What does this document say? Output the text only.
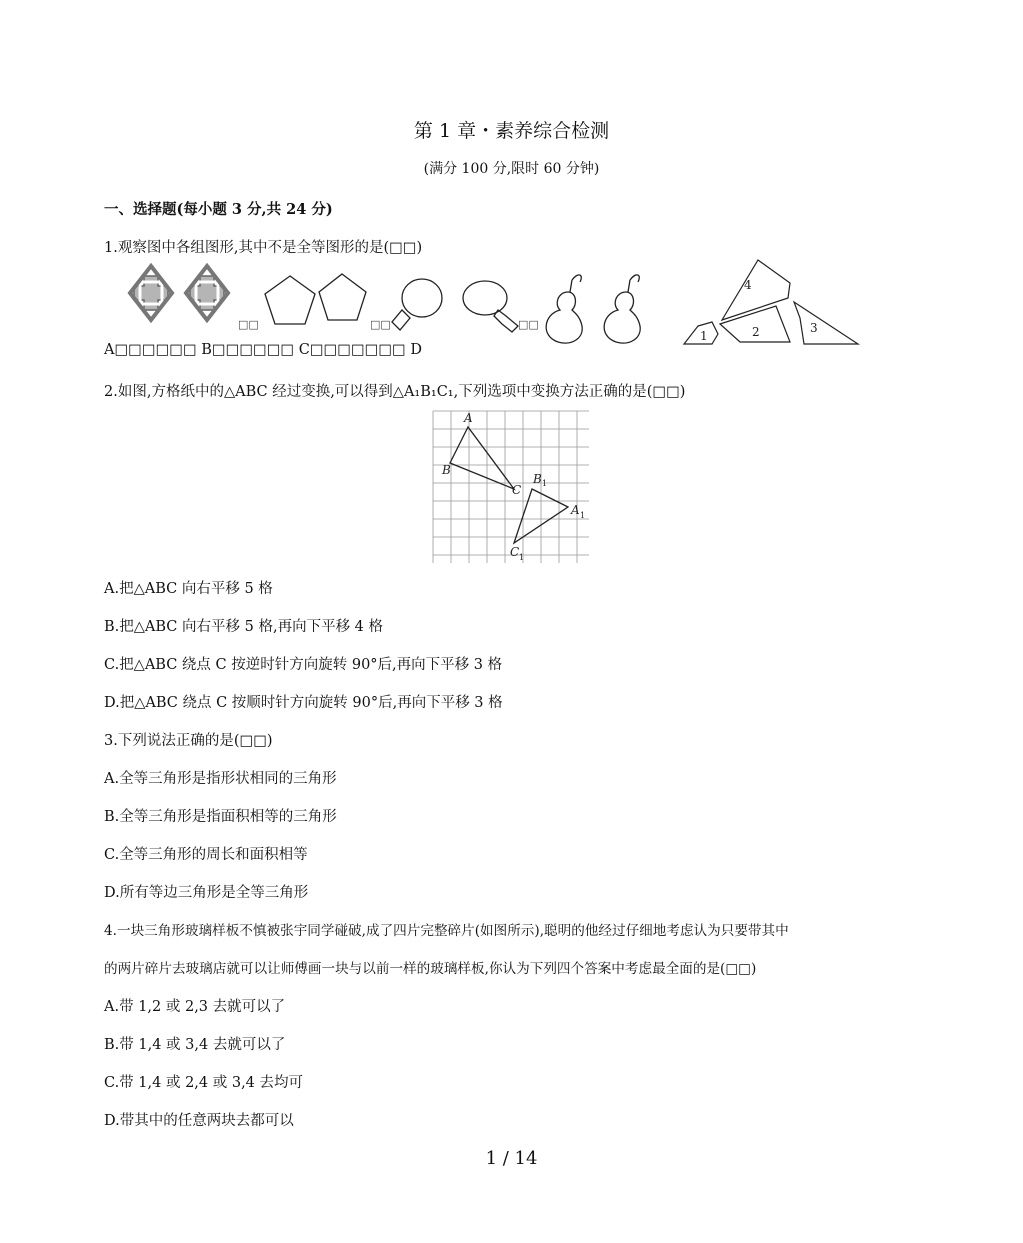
第 1 章・素养综合检测
(满分 100 分,限时 60 分钟)
一、选择题(每小题 3 分,共 24 分)
1.观察图中各组图形,其中不是全等图形的是(□□)
4
2	3
1
□□	□□	□□
A□□□□□□ B□□□□□□ C□□□□□□□ D
2.如图,方格纸中的△ABC 经过变换,可以得到△A₁B₁C₁,下列选项中变换方法正确的是(□□)
A
B
C
B
A
C
1
1
1
A.把△ABC 向右平移 5 格
B.把△ABC 向右平移 5 格,再向下平移 4 格
C.把△ABC 绕点 C 按逆时针方向旋转 90°后,再向下平移 3 格
D.把△ABC 绕点 C 按顺时针方向旋转 90°后,再向下平移 3 格
3.下列说法正确的是(□□)
A.全等三角形是指形状相同的三角形
B.全等三角形是指面积相等的三角形
C.全等三角形的周长和面积相等
D.所有等边三角形是全等三角形
4.一块三角形玻璃样板不慎被张宇同学碰破,成了四片完整碎片(如图所示),聪明的他经过仔细地考虑认为只要带其中
的两片碎片去玻璃店就可以让师傅画一块与以前一样的玻璃样板,你认为下列四个答案中考虑最全面的是(□□)
A.带 1,2 或 2,3 去就可以了
B.带 1,4 或 3,4 去就可以了
C.带 1,4 或 2,4 或 3,4 去均可
D.带其中的任意两块去都可以
1 / 14
